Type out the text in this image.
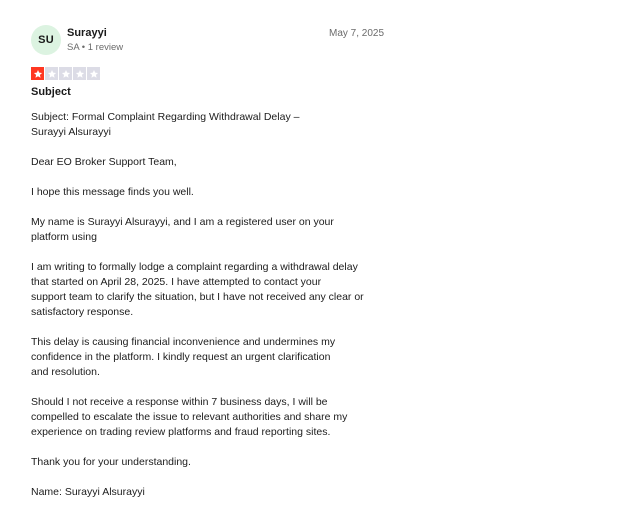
SU
Surayyi
SA • 1 review
May 7, 2025
Subject

Subject: Formal Complaint Regarding Withdrawal Delay –
Surayyi Alsurayyi

Dear EO Broker Support Team,

I hope this message finds you well.

My name is Surayyi Alsurayyi, and I am a registered user on your
platform using

I am writing to formally lodge a complaint regarding a withdrawal delay
that started on April 28, 2025. I have attempted to contact your
support team to clarify the situation, but I have not received any clear or
satisfactory response.

This delay is causing financial inconvenience and undermines my
confidence in the platform. I kindly request an urgent clarification
and resolution.

Should I not receive a response within 7 business days, I will be
compelled to escalate the issue to relevant authorities and share my
experience on trading review platforms and fraud reporting sites.

Thank you for your understanding.

Name: Surayyi Alsurayyi
